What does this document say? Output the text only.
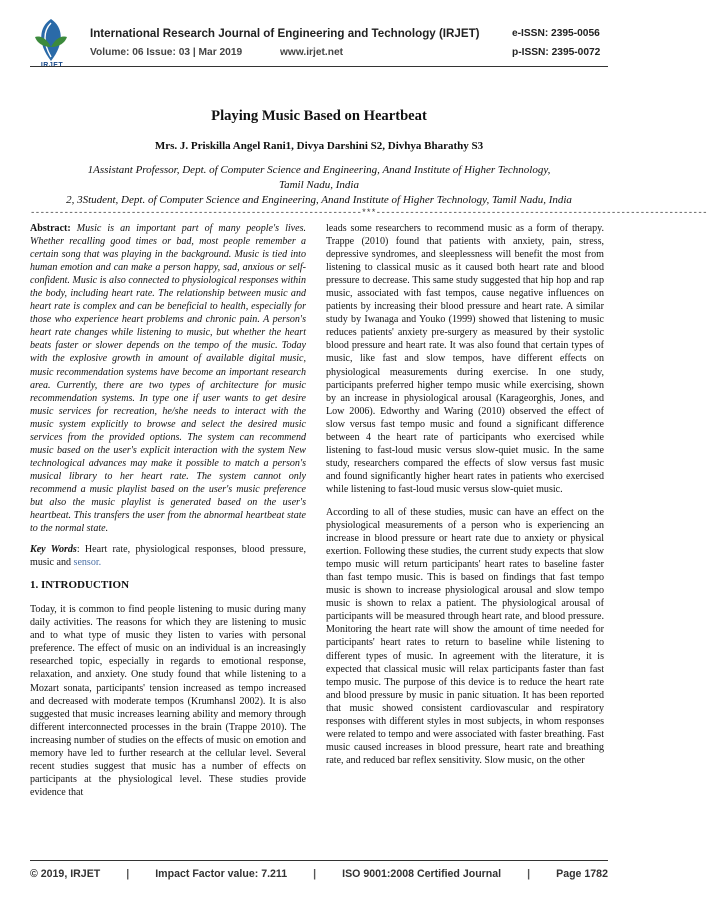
International Research Journal of Engineering and Technology (IRJET)	e-ISSN: 2395-0056
Volume: 06 Issue: 03 | Mar 2019	www.irjet.net	p-ISSN: 2395-0072
Playing Music Based on Heartbeat
Mrs. J. Priskilla Angel Rani1, Divya Darshini S2, Divhya Bharathy S3
1Assistant Professor, Dept. of Computer Science and Engineering, Anand Institute of Higher Technology,
Tamil Nadu, India
2, 3Student, Dept. of Computer Science and Engineering, Anand Institute of Higher Technology, Tamil Nadu, India
---------------------------------------------------------------------***---------------------------------------------------------------------

Abstract: Music is an important part of many people's lives. Whether recalling good times or bad, most people remember a certain song that was playing in the background. Music is tied into human emotion and can make a person happy, sad, anxious or self-confident. Music is also connected to physiological responses within the body, including heart rate. The relationship between music and heart rate is complex and can be beneficial to health, especially for those who experience heart problems and chronic pain. A person's heart rate changes while listening to music, but whether the heart beats faster or slower depends on the tempo of the music. Today with the explosive growth in amount of available digital music, music recommendation systems have become an important research area. Currently, there are two types of architecture for music recommendation systems. In type one if user wants to get desire music services for recreation, he/she needs to interact with the music system explicitly to browse and select the desired music services from the provided options. The system can recommend music based on the user's explicit interaction with the system New technological advances may make it possible to match a person's musical library to her heart rate. The system cannot only recommend a music playlist based on the user's music preference but also the music playlist is generated based on the user's heartbeat. This transfers the user from the abnormal heartbeat state to the normal state.

Key Words: Heart rate, physiological responses, blood pressure, music and sensor.

1. INTRODUCTION

Today, it is common to find people listening to music during many daily activities. The reasons for which they are listening to music and to what type of music they listen to varies with personal preference. The effect of music on an individual is an increasingly researched topic, especially in regards to emotional response, relaxation, and anxiety. One study found that while listening to a Mozart sonata, participants' tension increased as tempo increased and decreased with moderate tempos (Krumhansl 2002). It is also suggested that music increases learning ability and memory through different interconnected processes in the brain (Trappe 2010). The increasing number of studies on the effects of music on emotion and memory have led to further research at the cellular level. Several recent studies suggest that music has a number of effects on participants at the physiological level. These studies provide evidence that

leads some researchers to recommend music as a form of therapy. Trappe (2010) found that patients with anxiety, pain, stress, depressive syndromes, and sleeplessness will benefit the most from listening to classical music as it caused both heart rate and blood pressure to decrease. This same study suggested that hip hop and rap music, associated with fast tempos, cause negative influences on patients by increasing their blood pressure and heart rate. A similar study by Iwanaga and Youko (1999) showed that listening to music reduces patients' anxiety pre-surgery as measured by their systolic blood pressure and heart rate. It was also found that certain types of music, like fast and slow tempos, have different effects on physiological measurements during exercise. In one study, participants preferred higher tempo music while exercising, shown by an increase in physiological arousal (Karageorghis, Jones, and Low 2006). Edworthy and Waring (2010) observed the effect of slow versus fast tempo music and found a significant difference between 4 the heart rate of participants who exercised while listening to fast-loud music versus slow-quiet music. In the same study, researchers compared the effects of slow versus fast music and found significantly higher heart rates in patients who exercised while listening to fast-loud music versus slow-quiet music.

According to all of these studies, music can have an effect on the physiological measurements of a person who is experiencing an increase in blood pressure or heart rate due to anxiety or physical exertion. Following these studies, the current study expects that slow tempo music will return participants' heart rates to baseline faster than fast tempo music. This is based on findings that fast tempo music is shown to increase physiological arousal and slow tempo music is shown to relax a patient. The physiological arousal of participants will be measured through heart rate, and blood pressure. Monitoring the heart rate will show the amount of time needed for participants' heart rates to return to baseline while listening to different types of music. In agreement with the literature, it is expected that classical music will relax participants faster than fast tempo music. The purpose of this device is to reduce the heart rate and blood pressure by music in panic situation. It has been reported that music showed consistent cardiovascular and respiratory responses with different styles in most subjects, in whom responses were related to tempo and were associated with faster breathing. Fast music caused increases in blood pressure, heart rate and breathing rate, and reduced bar reflex sensitivity. Slow music, on the other

© 2019, IRJET | Impact Factor value: 7.211 | ISO 9001:2008 Certified Journal | Page 1782
